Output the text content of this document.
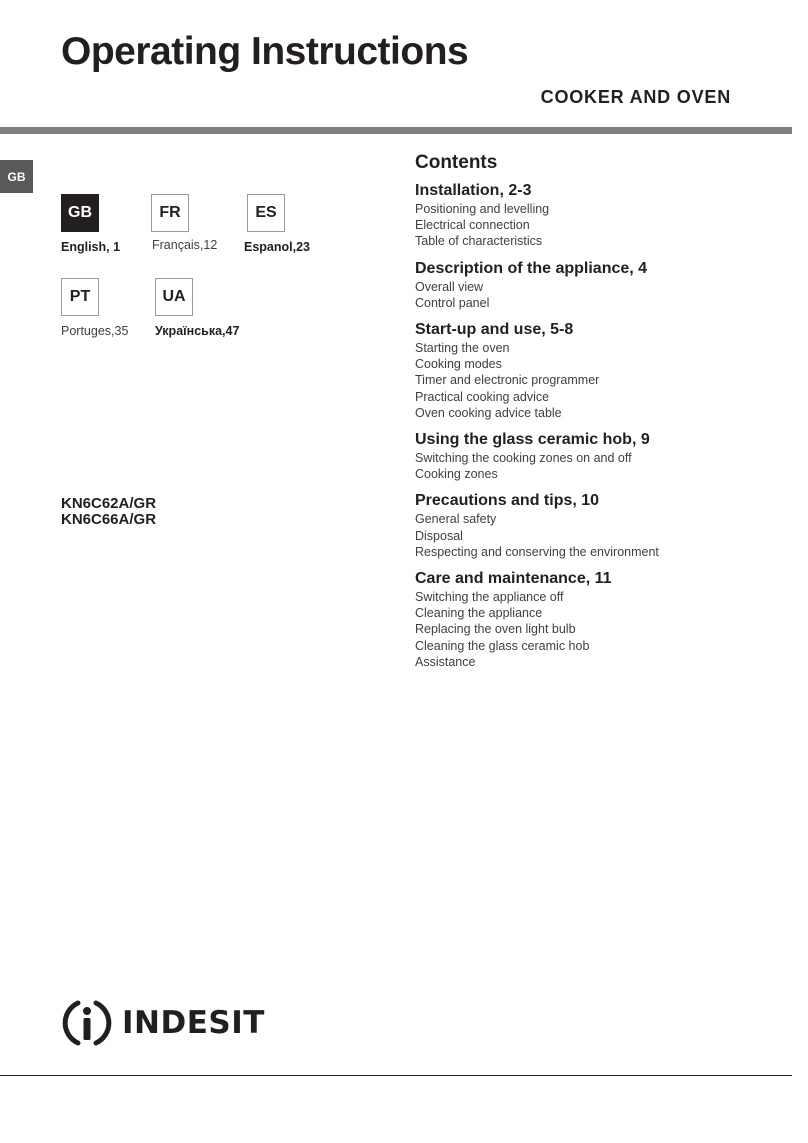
Operating Instructions
COOKER AND OVEN
GB
GB
English, 1
FR
Français,12
ES
Espanol,23
PT
Portuges,35
UA
Українська,47
KN6C62A/GR
KN6C66A/GR
Contents
Installation, 2-3
Positioning and levelling
Electrical connection
Table of characteristics
Description of the appliance, 4
Overall view
Control panel
Start-up and use, 5-8
Starting the oven
Cooking modes
Timer and electronic programmer
Practical cooking advice
Oven cooking advice table
Using the glass ceramic hob, 9
Switching the cooking zones on and off
Cooking zones
Precautions and tips, 10
General safety
Disposal
Respecting and conserving the environment
Care and maintenance, 11
Switching the appliance off
Cleaning the appliance
Replacing the oven light bulb
Cleaning the glass ceramic hob
Assistance
INDESIT
